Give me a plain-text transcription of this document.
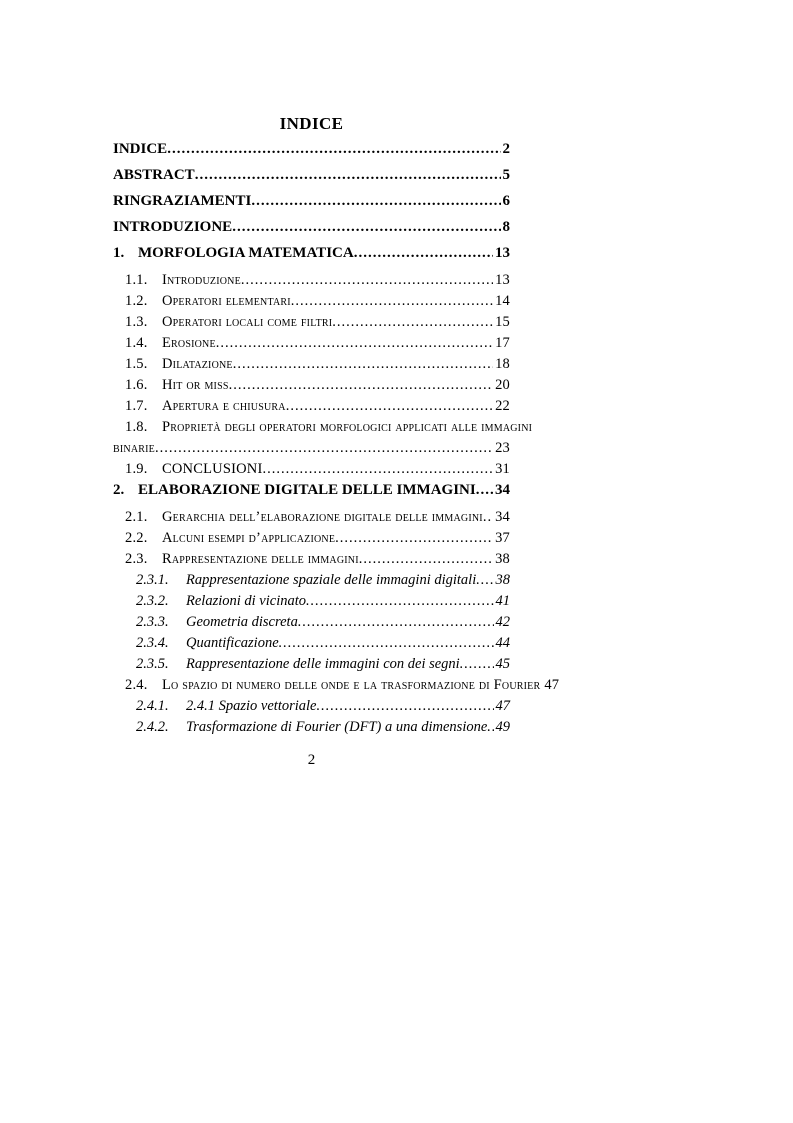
INDICE
INDICE .....	2
ABSTRACT .....	5
RINGRAZIAMENTI .....	6
INTRODUZIONE .....	8
1. MORFOLOGIA MATEMATICA .....	13
1.1. Introduzione .....	13
1.2. Operatori elementari .....	14
1.3. Operatori locali come filtri .....	15
1.4. Erosione .....	17
1.5. Dilatazione .....	18
1.6. Hit or miss .....	20
1.7. Apertura e chiusura .....	22
1.8. Proprietà degli operatori morfologici applicati alle immagini
binarie .....	23
1.9. CONCLUSIONI .....	31
2. ELABORAZIONE DIGITALE DELLE IMMAGINI ..... 34
2.1. Gerarchia dell’elaborazione digitale delle immagini ..... 34
2.2. Alcuni esempi d’applicazione .....	37
2.3. Rappresentazione delle immagini .....	38
2.3.1.	Rappresentazione spaziale delle immagini digitali ..... 38
2.3.2.	Relazioni di vicinato .....	41
2.3.3.	Geometria discreta .....	42
2.3.4.	Quantificazione .....	44
2.3.5.	Rappresentazione delle immagini con dei segni ..... 45
2.4. Lo spazio di numero delle onde e la trasformazione di Fourier 47
2.4.1.	2.4.1 Spazio vettoriale .....	47
2.4.2.	Trasformazione di Fourier (DFT) a una dimensione ..... 49
2
